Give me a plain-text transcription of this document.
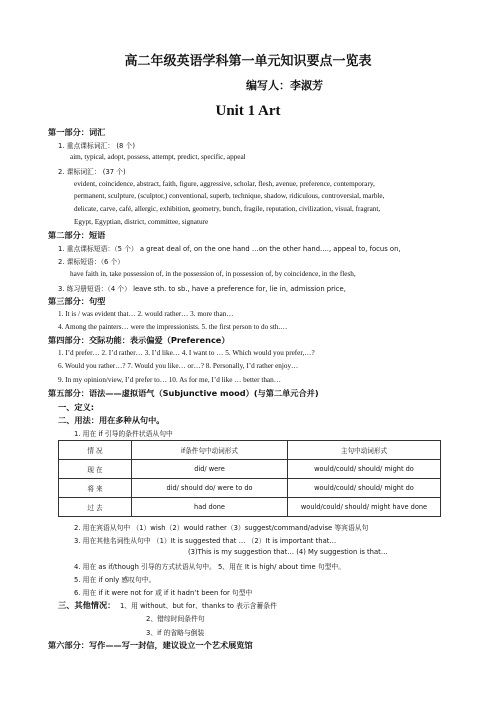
高二年级英语学科第一单元知识要点一览表
编写人：李淑芳
Unit 1 Art
第一部分：词汇
1. 重点课标词汇： (8 个)
aim, typical, adopt, possess, attempt, predict, specific, appeal
2. 课标词汇： (37 个)
evident, coincidence, abstract, faith, figure, aggressive, scholar, flesh, avenue, preference, contemporary,
permanent, sculpture, (sculptor,) conventional, superb, technique, shadow, ridiculous, controversial, marble,
delicate, carve, café, allergic, exhibition, geometry, bunch, fragile, reputation, civilization, visual, fragrant,
Egypt, Egyptian, district, committee, signature
第二部分：短语
1. 重点课标短语：（5 个） a great deal of, on the one hand …on the other hand…., appeal to, focus on,
2. 课标短语：（6 个）
have faith in, take possession of, in the possession of, in possession of, by coincidence, in the flesh,
3. 练习册短语：（4 个） leave sth. to sb., have a preference for, lie in, admission price,
第三部分：句型
1. It is / was evident that… 2. would rather… 3. more than…
4. Among the painters… were the impressionists. 5. the first person to do sth.…
第四部分：交际功能：表示偏爱（Preference）
1. I’d prefer… 2. I’d rather… 3. I’d like… 4. I want to … 5. Which would you prefer,…?
6. Would you rather…? 7. Would you like… or…? 8. Personally, I’d rather enjoy…
9. In my opinion/view, I’d prefer to… 10. As for me, I’d like … better than…
第五部分：语法——虚拟语气（Subjunctive mood）(与第二单元合并)
一、定义:
二、用法：用在多种从句中。
1. 用在 if 引导的条件状语从句中
情 况	if条件句中动词形式	主句中动词形式
现 在	did/ were	would/could/ should/ might do
将 来	did/ should do/ were to do	would/could/ should/ might do
过 去	had done	would/could/ should/ might have done
2. 用在宾语从句中 （1）wish（2）would rather（3）suggest/command/advise 等宾语从句
3. 用在其他名词性从句中 （1）It is suggested that … （2）It is important that…
(3)This is my suggestion that… (4) My suggestion is that…
4. 用在 as if/though 引导的方式状语从句中。 5、用在 It is high/ about time 句型中。
5. 用在 if only 感叹句中。
6. 用在 if it were not for 或 if it hadn’t been for 句型中
三、其他情况： 1、用 without、but for、thanks to 表示含蓄条件
2、错综时间条件句
3、if 的省略与倒装
第六部分：写作——写一封信，建议设立一个艺术展览馆
